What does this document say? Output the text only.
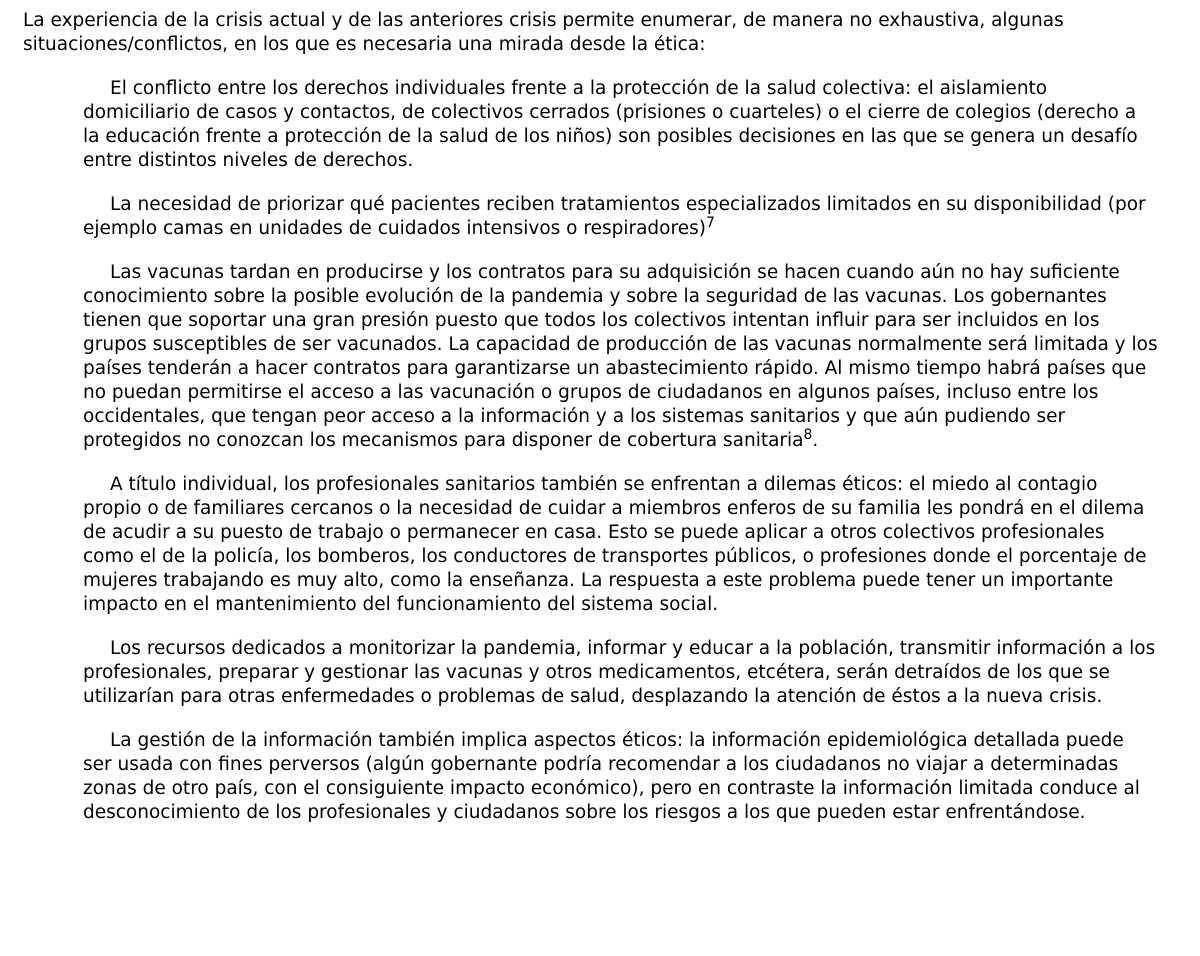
La experiencia de la crisis actual y de las anteriores crisis permite enumerar, de manera no exhaustiva, algunas situaciones/conflictos, en los que es necesaria una mirada desde la ética:

El conflicto entre los derechos individuales frente a la protección de la salud colectiva: el aislamiento domiciliario de casos y contactos, de colectivos cerrados (prisiones o cuarteles) o el cierre de colegios (derecho a la educación frente a protección de la salud de los niños) son posibles decisiones en las que se genera un desafío entre distintos niveles de derechos.

La necesidad de priorizar qué pacientes reciben tratamientos especializados limitados en su disponibilidad (por ejemplo camas en unidades de cuidados intensivos o respiradores)$^7$

Las vacunas tardan en producirse y los contratos para su adquisición se hacen cuando aún no hay suficiente conocimiento sobre la posible evolución de la pandemia y sobre la seguridad de las vacunas. Los gobernantes tienen que soportar una gran presión puesto que todos los colectivos intentan influir para ser incluidos en los grupos susceptibles de ser vacunados. La capacidad de producción de las vacunas normalmente será limitada y los países tenderán a hacer contratos para garantizarse un abastecimiento rápido. Al mismo tiempo habrá países que no puedan permitirse el acceso a las vacunación o grupos de ciudadanos en algunos países, incluso entre los occidentales, que tengan peor acceso a la información y a los sistemas sanitarios y que aún pudiendo ser protegidos no conozcan los mecanismos para disponer de cobertura sanitaria$^8$.

A título individual, los profesionales sanitarios también se enfrentan a dilemas éticos: el miedo al contagio propio o de familiares cercanos o la necesidad de cuidar a miembros enferos de su familia les pondrá en el dilema de acudir a su puesto de trabajo o permanecer en casa. Esto se puede aplicar a otros colectivos profesionales como el de la policía, los bomberos, los conductores de transportes públicos, o profesiones donde el porcentaje de mujeres trabajando es muy alto, como la enseñanza. La respuesta a este problema puede tener un importante impacto en el mantenimiento del funcionamiento del sistema social.

Los recursos dedicados a monitorizar la pandemia, informar y educar a la población, transmitir información a los profesionales, preparar y gestionar las vacunas y otros medicamentos, etcétera, serán detraídos de los que se utilizarían para otras enfermedades o problemas de salud, desplazando la atención de éstos a la nueva crisis.

La gestión de la información también implica aspectos éticos: la información epidemiológica detallada puede ser usada con fines perversos (algún gobernante podría recomendar a los ciudadanos no viajar a determinadas zonas de otro país, con el consiguiente impacto económico), pero en contraste la información limitada conduce al desconocimiento de los profesionales y ciudadanos sobre los riesgos a los que pueden estar enfrentándose.
